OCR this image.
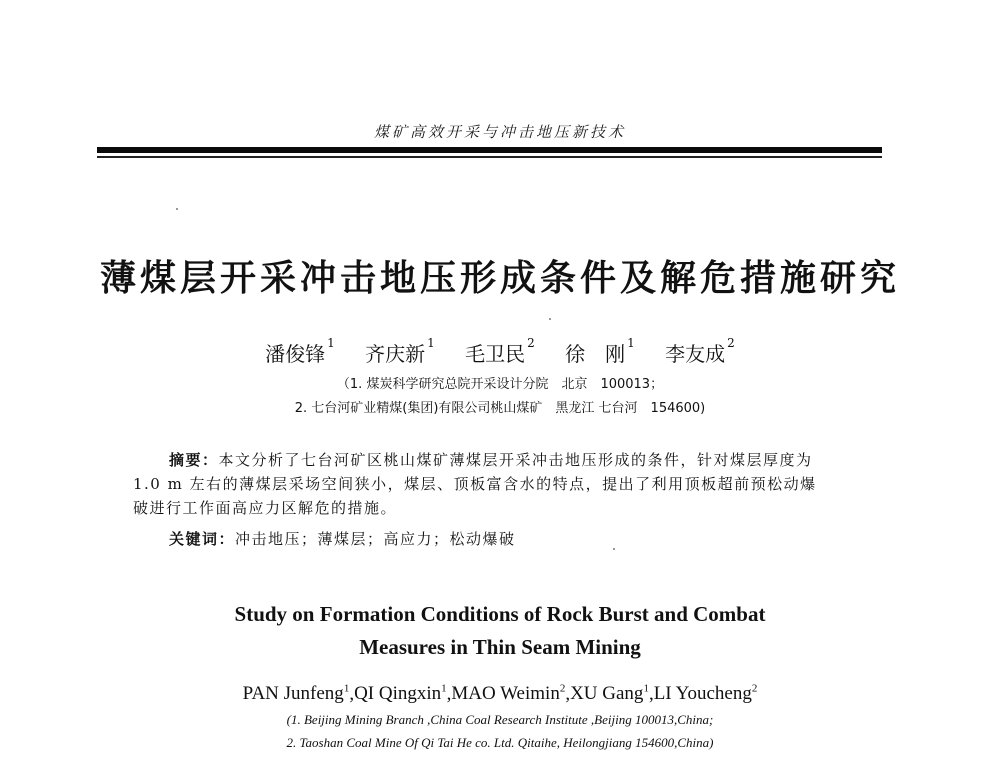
煤矿高效开采与冲击地压新技术
薄煤层开采冲击地压形成条件及解危措施研究
潘俊锋 $^1$ 齐庆新 $^1$ 毛卫民 $^2$ 徐　刚 $^1$ 李友成 $^2$
（1. 煤炭科学研究总院开采设计分院　北京　100013；
2. 七台河矿业精煤(集团)有限公司桃山煤矿　黑龙江 七台河　154600)
摘要：本文分析了七台河矿区桃山煤矿薄煤层开采冲击地压形成的条件，针对煤层厚度为
1.0 m 左右的薄煤层采场空间狭小，煤层、顶板富含水的特点，提出了利用顶板超前预松动爆
破进行工作面高应力区解危的措施。
关键词：冲击地压；薄煤层；高应力；松动爆破
Study on Formation Conditions of Rock Burst and Combat
Measures in Thin Seam Mining
PAN Junfeng$^1$,QI Qingxin$^1$,MAO Weimin$^2$,XU Gang$^1$,LI Youcheng$^2$
(1. Beijing Mining Branch ,China Coal Research Institute ,Beijing 100013,China;
2. Taoshan Coal Mine Of Qi Tai He co. Ltd. Qitaihe, Heilongjiang 154600,China)
